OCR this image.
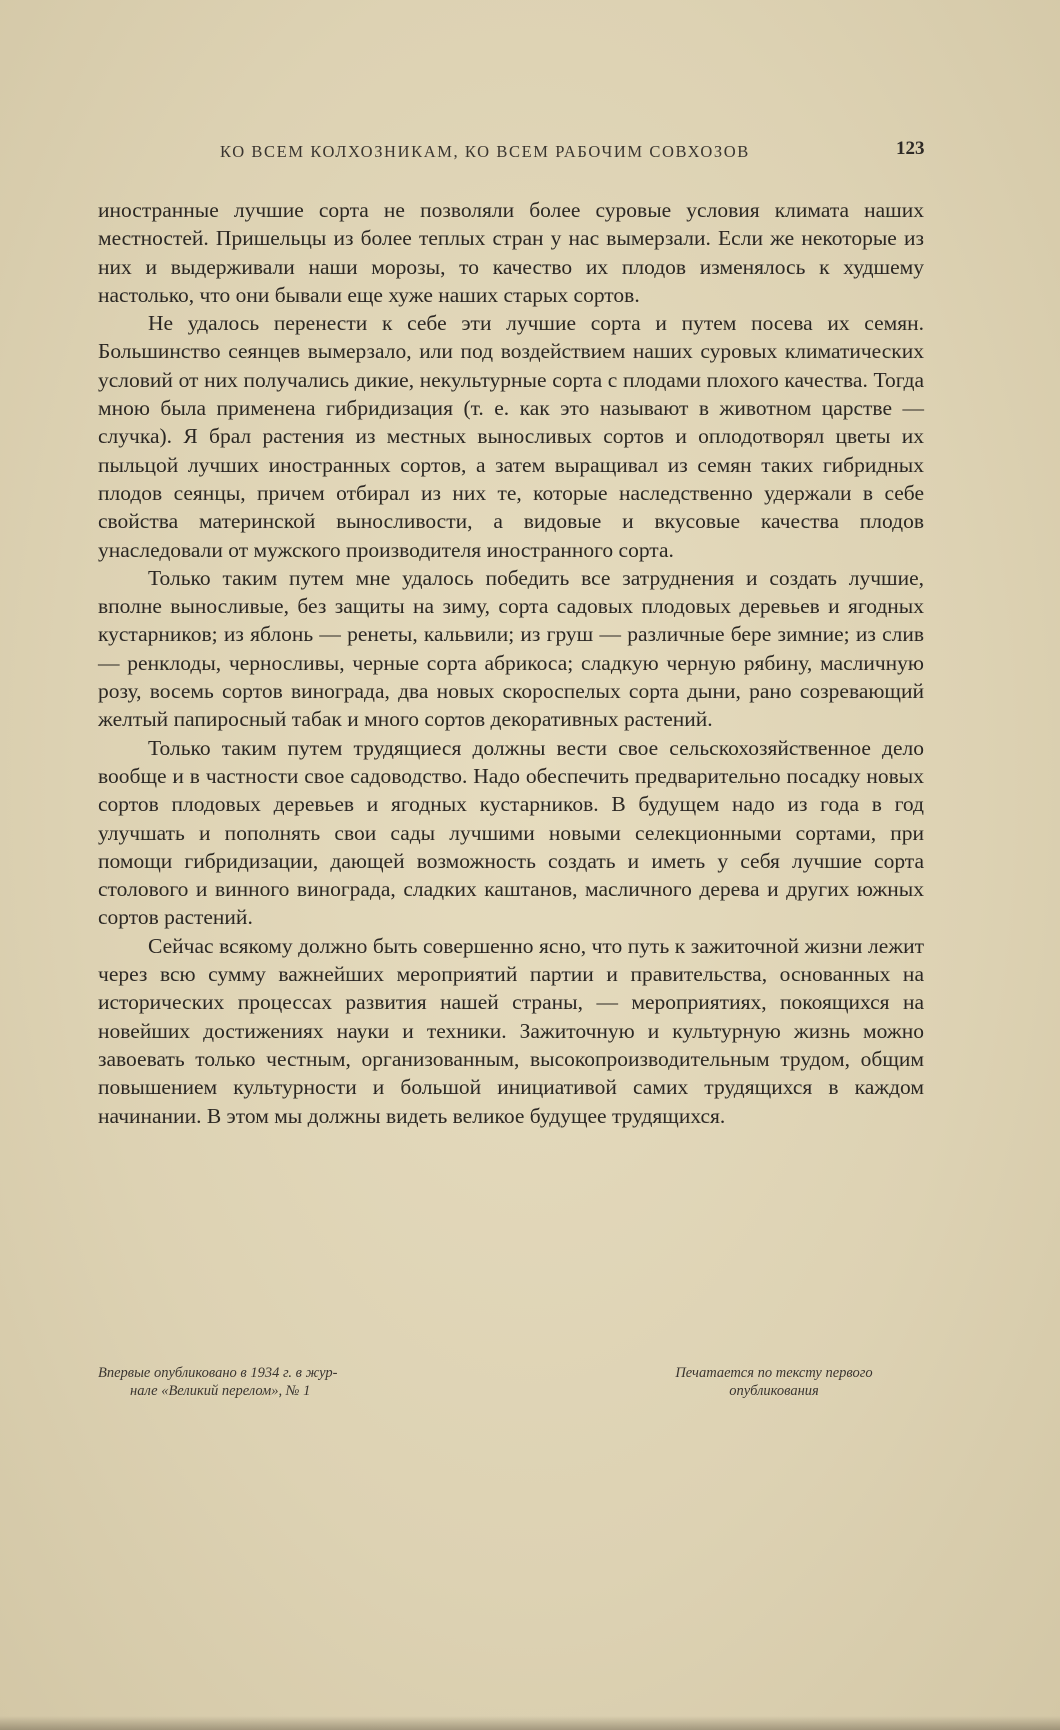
КО ВСЕМ КОЛХОЗНИКАМ, КО ВСЕМ РАБОЧИМ СОВХОЗОВ	123

иностранные лучшие сорта не позволяли более суровые условия климата наших местностей. Пришельцы из более теплых стран у нас вымерзали. Если же некоторые из них и выдерживали наши морозы, то качество их плодов изменялось к худшему настолько, что они бывали еще хуже наших старых сортов.

Не удалось перенести к себе эти лучшие сорта и путем посева их семян. Большинство сеянцев вымерзало, или под воздействием наших суровых климатических условий от них получались дикие, некультурные сорта с плодами плохого качества. Тогда мною была применена гибридизация (т. е. как это называют в животном царстве — случка). Я брал растения из местных выносливых сортов и оплодотворял цветы их пыльцой лучших иностранных сортов, а затем выращивал из семян таких гибридных плодов сеянцы, причем отбирал из них те, которые наследственно удержали в себе свойства материнской выносливости, а видовые и вкусовые качества плодов унаследовали от мужского производителя иностранного сорта.

Только таким путем мне удалось победить все затруднения и создать лучшие, вполне выносливые, без защиты на зиму, сорта садовых плодовых деревьев и ягодных кустарников; из яблонь — ренеты, кальвили; из груш — различные бере зимние; из слив — ренклоды, черносливы, черные сорта абрикоса; сладкую черную рябину, масличную розу, восемь сортов винограда, два новых скороспелых сорта дыни, рано созревающий желтый папиросный табак и много сортов декоративных растений.

Только таким путем трудящиеся должны вести свое сельскохозяйственное дело вообще и в частности свое садоводство. Надо обеспечить предварительно посадку новых сортов плодовых деревьев и ягодных кустарников. В будущем надо из года в год улучшать и пополнять свои сады лучшими новыми селекционными сортами, при помощи гибридизации, дающей возможность создать и иметь у себя лучшие сорта столового и винного винограда, сладких каштанов, масличного дерева и других южных сортов растений.

Сейчас всякому должно быть совершенно ясно, что путь к зажиточной жизни лежит через всю сумму важнейших мероприятий партии и правительства, основанных на исторических процессах развития нашей страны, — мероприятиях, покоящихся на новейших достижениях науки и техники. Зажиточную и культурную жизнь можно завоевать только честным, организованным, высокопроизводительным трудом, общим повышением культурности и большой инициативой самих трудящихся в каждом начинании. В этом мы должны видеть великое будущее трудящихся.

Впервые опубликовано в 1934 г. в жур-
нале «Великий перелом», № 1
Печатается по тексту первого
опубликования
